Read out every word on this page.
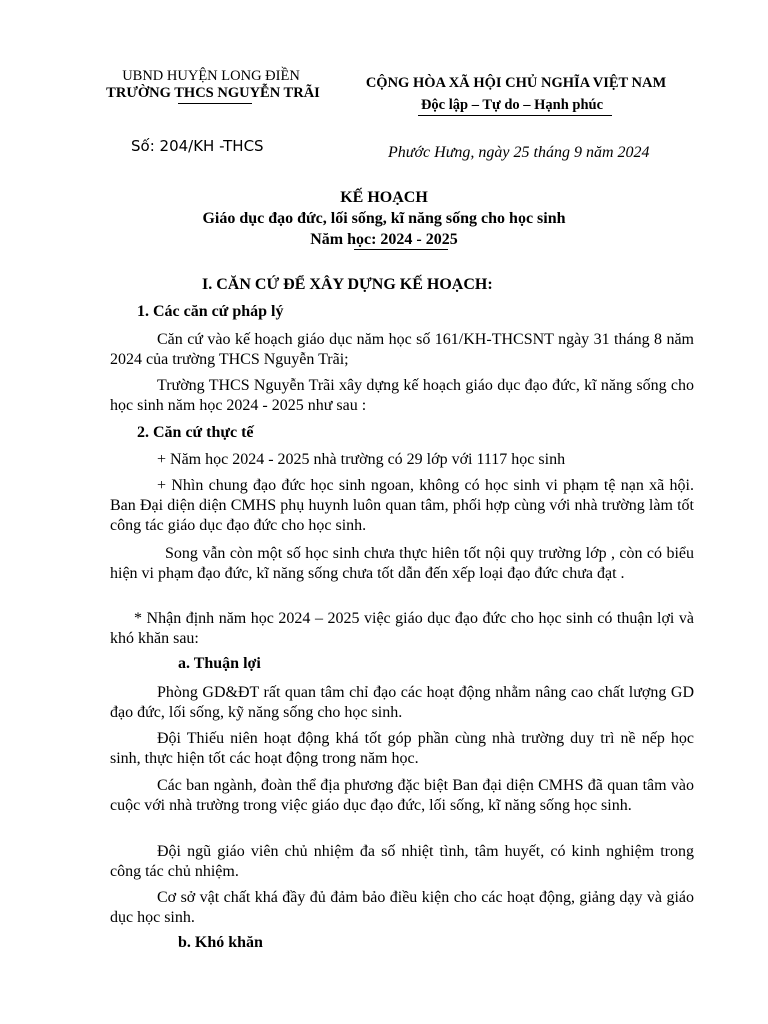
UBND HUYỆN LONG ĐIỀN
TRƯỜNG THCS NGUYỄN TRÃI
CỘNG HÒA XÃ HỘI CHỦ NGHĨA VIỆT NAM
Độc lập – Tự do – Hạnh phúc
Số: 204/KH -THCS	Phước Hưng, ngày 25 tháng 9 năm 2024
KẾ HOẠCH
Giáo dục đạo đức, lối sống, kĩ năng sống cho học sinh
Năm học: 2024 - 2025
I. CĂN CỨ ĐỂ XÂY DỰNG KẾ HOẠCH:
1. Các căn cứ pháp lý
Căn cứ vào kế hoạch giáo dục năm học số 161/KH-THCSNT ngày 31 tháng 8 năm 2024 của trường THCS Nguyễn Trãi;
Trường THCS Nguyễn Trãi xây dựng kế hoạch giáo dục đạo đức, kĩ năng sống cho học sinh năm học 2024 - 2025 như sau :
2. Căn cứ thực tế
+ Năm học 2024 - 2025 nhà trường có 29 lớp với 1117 học sinh
+ Nhìn chung đạo đức học sinh ngoan, không có học sinh vi phạm tệ nạn xã hội. Ban Đại diện diện CMHS phụ huynh luôn quan tâm, phối hợp cùng với nhà trường làm tốt công tác giáo dục đạo đức cho học sinh.
Song vẫn còn một số học sinh chưa thực hiên tốt nội quy trường lớp , còn có biểu hiện vi phạm đạo đức, kĩ năng sống chưa tốt dẫn đến xếp loại đạo đức chưa đạt .
* Nhận định năm học 2024 – 2025 việc giáo dục đạo đức cho học sinh có thuận lợi và khó khăn sau:
a. Thuận lợi
Phòng GD&ĐT rất quan tâm chỉ đạo các hoạt động nhằm nâng cao chất lượng GD đạo đức, lối sống, kỹ năng sống cho học sinh.
Đội Thiếu niên hoạt động khá tốt góp phần cùng nhà trường duy trì nề nếp học sinh, thực hiện tốt các hoạt động trong năm học.
Các ban ngành, đoàn thể địa phương đặc biệt Ban đại diện CMHS đã quan tâm vào cuộc với nhà trường trong việc giáo dục đạo đức, lối sống, kĩ năng sống học sinh.
Đội ngũ giáo viên chủ nhiệm đa số nhiệt tình, tâm huyết, có kinh nghiệm trong công tác chủ nhiệm.
Cơ sở vật chất khá đầy đủ đảm bảo điều kiện cho các hoạt động, giảng dạy và giáo dục học sinh.
b. Khó khăn
